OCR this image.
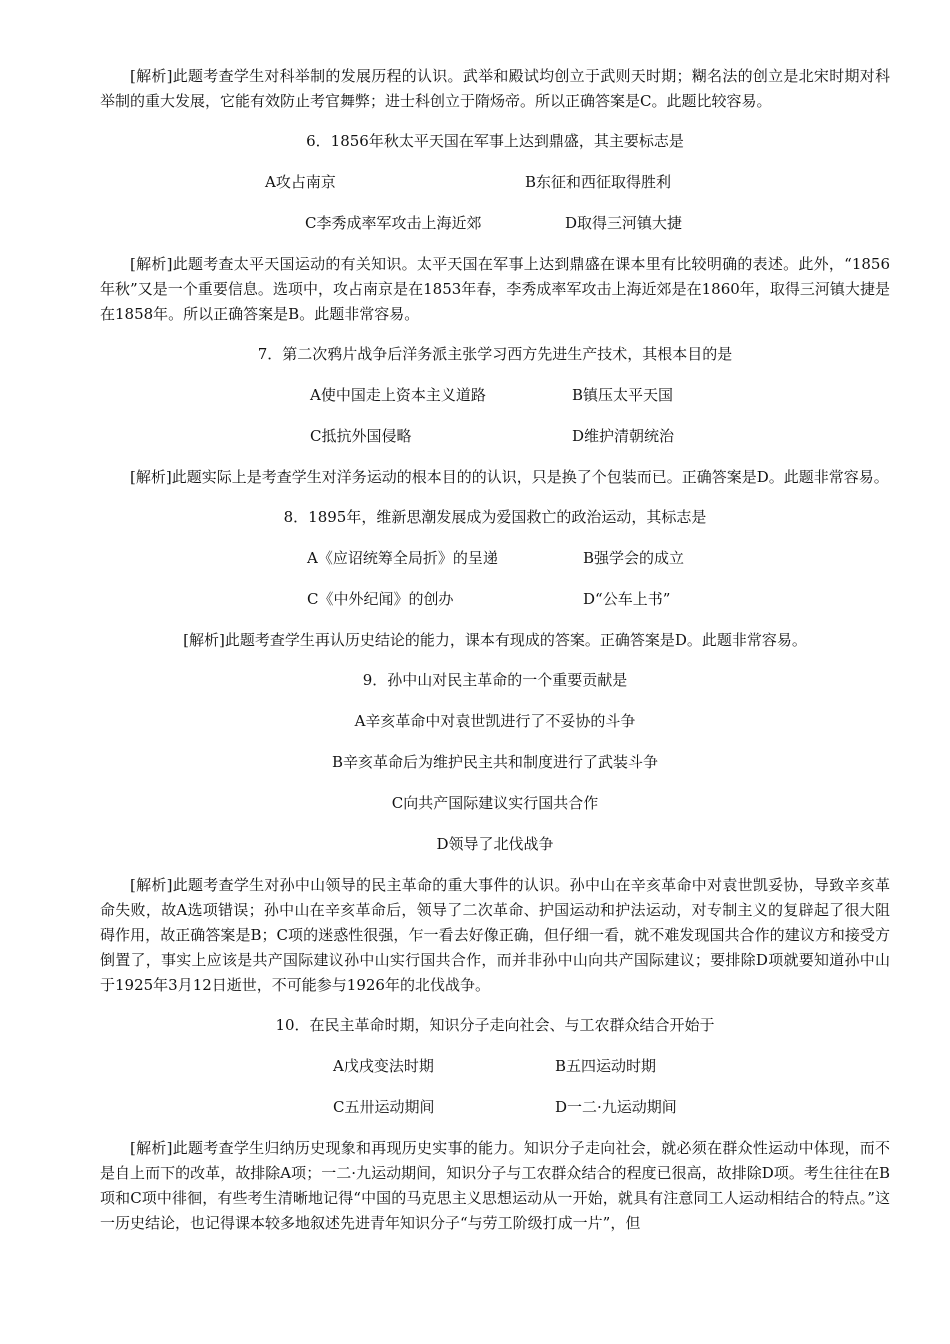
[解析]此题考查学生对科举制的发展历程的认识。武举和殿试均创立于武则天时期；糊名法的创立是北宋时期对科举制的重大发展，它能有效防止考官舞弊；进士科创立于隋炀帝。所以正确答案是C。此题比较容易。

6．1856年秋太平天国在军事上达到鼎盛，其主要标志是

A攻占南京	B东征和西征取得胜利
C李秀成率军攻击上海近郊	D取得三河镇大捷

[解析]此题考查太平天国运动的有关知识。太平天国在军事上达到鼎盛在课本里有比较明确的表述。此外，“1856年秋”又是一个重要信息。选项中，攻占南京是在1853年春，李秀成率军攻击上海近郊是在1860年，取得三河镇大捷是在1858年。所以正确答案是B。此题非常容易。

7．第二次鸦片战争后洋务派主张学习西方先进生产技术，其根本目的是

A使中国走上资本主义道路	B镇压太平天国
C抵抗外国侵略	D维护清朝统治

[解析]此题实际上是考查学生对洋务运动的根本目的的认识，只是换了个包装而已。正确答案是D。此题非常容易。

8．1895年，维新思潮发展成为爱国救亡的政治运动，其标志是

A《应诏统筹全局折》的呈递	B强学会的成立
C《中外纪闻》的创办	D“公车上书”

[解析]此题考查学生再认历史结论的能力，课本有现成的答案。正确答案是D。此题非常容易。

9．孙中山对民主革命的一个重要贡献是

A辛亥革命中对袁世凯进行了不妥协的斗争

B辛亥革命后为维护民主共和制度进行了武装斗争

C向共产国际建议实行国共合作

D领导了北伐战争

[解析]此题考查学生对孙中山领导的民主革命的重大事件的认识。孙中山在辛亥革命中对袁世凯妥协，导致辛亥革命失败，故A选项错误；孙中山在辛亥革命后，领导了二次革命、护国运动和护法运动，对专制主义的复辟起了很大阻碍作用，故正确答案是B；C项的迷惑性很强，乍一看去好像正确，但仔细一看，就不难发现国共合作的建议方和接受方倒置了，事实上应该是共产国际建议孙中山实行国共合作，而并非孙中山向共产国际建议；要排除D项就要知道孙中山于1925年3月12日逝世，不可能参与1926年的北伐战争。

10．在民主革命时期，知识分子走向社会、与工农群众结合开始于

A戊戌变法时期	B五四运动时期
C五卅运动期间	D一二·九运动期间

[解析]此题考查学生归纳历史现象和再现历史实事的能力。知识分子走向社会，就必须在群众性运动中体现，而不是自上而下的改革，故排除A项；一二·九运动期间，知识分子与工农群众结合的程度已很高，故排除D项。考生往往在B项和C项中徘徊，有些考生清晰地记得“中国的马克思主义思想运动从一开始，就具有注意同工人运动相结合的特点。”这一历史结论，也记得课本较多地叙述先进青年知识分子“与劳工阶级打成一片”，但
